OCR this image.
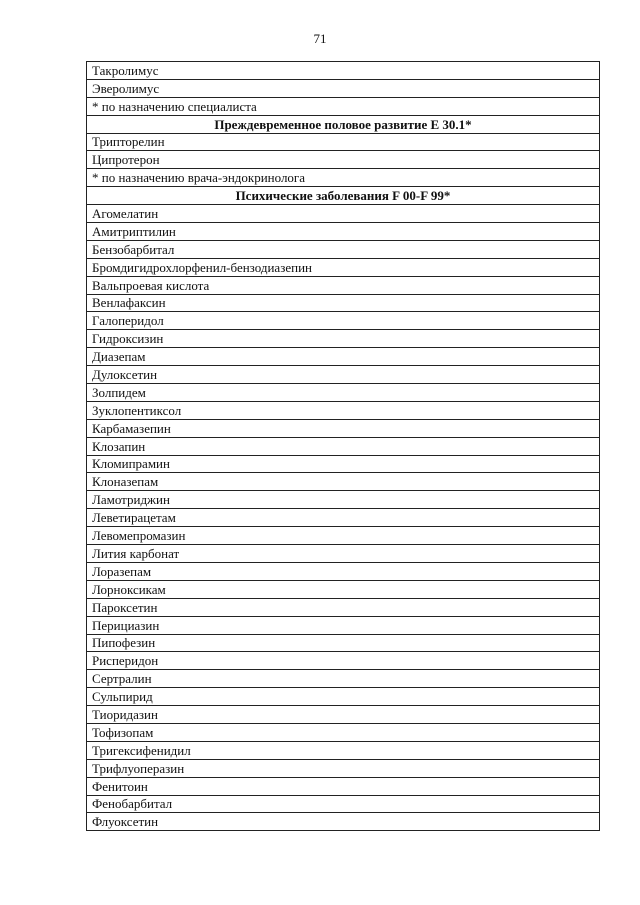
71
Такролимус
Эверолимус
* по назначению специалиста
Преждевременное половое развитие Е 30.1*
Трипторелин
Ципротерон
* по назначению врача-эндокринолога
Психические заболевания F 00-F 99*
Агомелатин
Амитриптилин
Бензобарбитал
Бромдигидрохлорфенил-бензодиазепин
Вальпроевая кислота
Венлафаксин
Галоперидол
Гидроксизин
Диазепам
Дулоксетин
Золпидем
Зуклопентиксол
Карбамазепин
Клозапин
Кломипрамин
Клоназепам
Ламотриджин
Леветирацетам
Левомепромазин
Лития карбонат
Лоразепам
Лорноксикам
Пароксетин
Перициазин
Пипофезин
Рисперидон
Сертралин
Сульпирид
Тиоридазин
Тофизопам
Тригексифенидил
Трифлуоперазин
Фенитоин
Фенобарбитал
Флуоксетин
